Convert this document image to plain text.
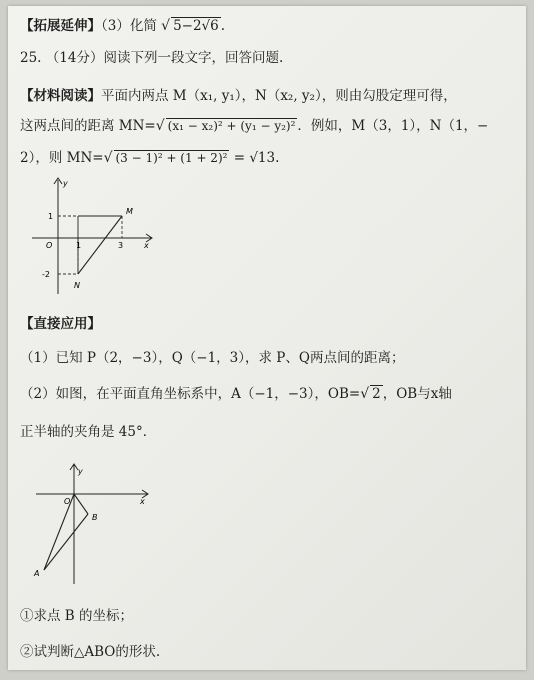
【拓展延伸】（3）化简 √ 5−2√6 .
25. （14分）阅读下列一段文字，回答问题.
【材料阅读】平面内两点 M（x₁, y₁），N（x₂, y₂），则由勾股定理可得，
这两点间的距离 MN=√ (x₁ − x₂)² + (y₁ − y₂)² ．例如，M（3，1），N（1，−
2），则 MN=√ (3 − 1)² + (1 + 2)² = √13.
y
x
O
1
-2
1	3
M
N
【直接应用】
（1）已知 P（2，−3），Q（−1，3），求 P、Q两点间的距离；
（2）如图，在平面直角坐标系中，A（−1，−3），OB=√ 2 ，OB与x轴
正半轴的夹角是 45°．
y
x
O
B
A
①求点 B 的坐标；
②试判断△ABO的形状.
